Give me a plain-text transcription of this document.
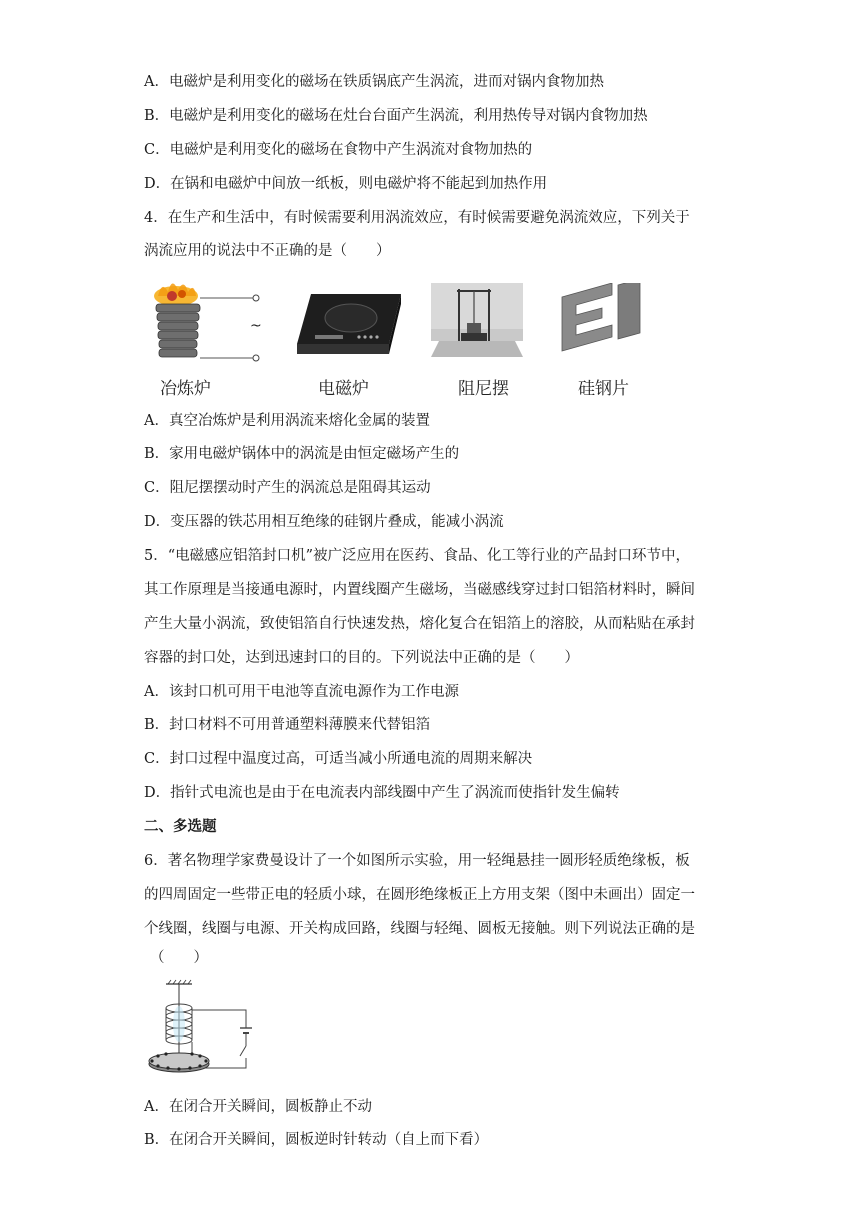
A．电磁炉是利用变化的磁场在铁质锅底产生涡流，进而对锅内食物加热
B．电磁炉是利用变化的磁场在灶台台面产生涡流，利用热传导对锅内食物加热
C．电磁炉是利用变化的磁场在食物中产生涡流对食物加热的
D．在锅和电磁炉中间放一纸板，则电磁炉将不能起到加热作用
4．在生产和生活中，有时候需要利用涡流效应，有时候需要避免涡流效应，下列关于
涡流应用的说法中不正确的是（　　）
~
冶炼炉	电磁炉	阻尼摆	硅钢片
A．真空冶炼炉是利用涡流来熔化金属的装置
B．家用电磁炉锅体中的涡流是由恒定磁场产生的
C．阻尼摆摆动时产生的涡流总是阻碍其运动
D．变压器的铁芯用相互绝缘的硅钢片叠成，能减小涡流
5．“电磁感应铝箔封口机”被广泛应用在医药、食品、化工等行业的产品封口环节中，
其工作原理是当接通电源时，内置线圈产生磁场，当磁感线穿过封口铝箔材料时，瞬间
产生大量小涡流，致使铝箔自行快速发热，熔化复合在铝箔上的溶胶，从而粘贴在承封
容器的封口处，达到迅速封口的目的。下列说法中正确的是（　　）
A．该封口机可用干电池等直流电源作为工作电源
B．封口材料不可用普通塑料薄膜来代替铝箔
C．封口过程中温度过高，可适当减小所通电流的周期来解决
D．指针式电流也是由于在电流表内部线圈中产生了涡流而使指针发生偏转
二、多选题
6．著名物理学家费曼设计了一个如图所示实验，用一轻绳悬挂一圆形轻质绝缘板，板
的四周固定一些带正电的轻质小球，在圆形绝缘板正上方用支架（图中未画出）固定一
个线圈，线圈与电源、开关构成回路，线圈与轻绳、圆板无接触。则下列说法正确的是
（　　）
A．在闭合开关瞬间，圆板静止不动
B．在闭合开关瞬间，圆板逆时针转动（自上而下看）
